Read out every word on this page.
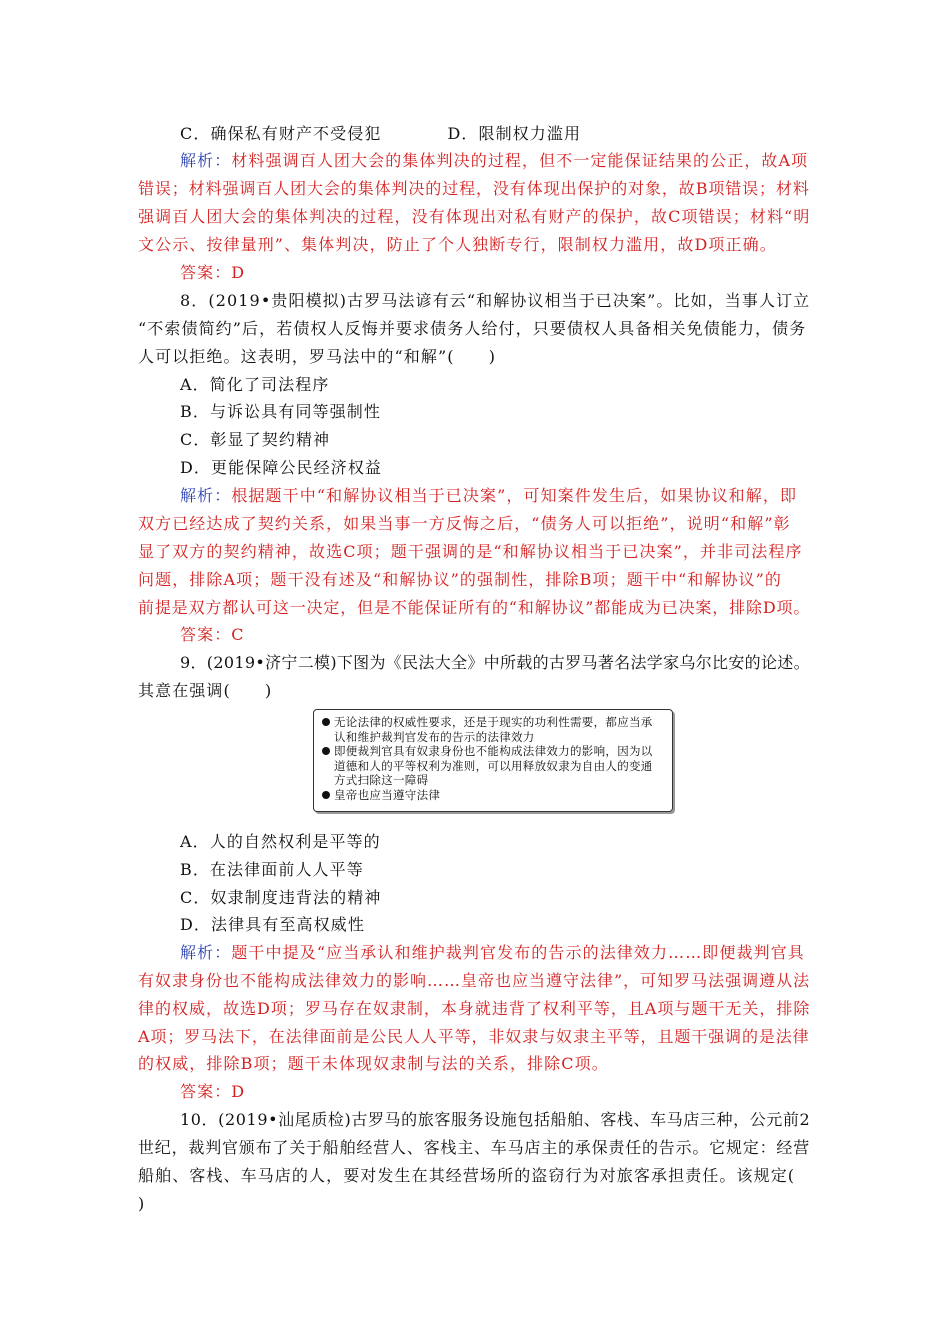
C．确保私有财产不受侵犯	D．限制权力滥用
解析：材料强调百人团大会的集体判决的过程，但不一定能保证结果的公正，故A项
错误；材料强调百人团大会的集体判决的过程，没有体现出保护的对象，故B项错误；材料
强调百人团大会的集体判决的过程，没有体现出对私有财产的保护，故C项错误；材料“明
文公示、按律量刑”、集体判决，防止了个人独断专行，限制权力滥用，故D项正确。
答案：D
8．(2019•贵阳模拟)古罗马法谚有云“和解协议相当于已决案”。比如，当事人订立
“不索债简约”后，若债权人反悔并要求债务人给付，只要债权人具备相关免债能力，债务
人可以拒绝。这表明，罗马法中的“和解”(　　)
A．简化了司法程序
B．与诉讼具有同等强制性
C．彰显了契约精神
D．更能保障公民经济权益
解析：根据题干中“和解协议相当于已决案”，可知案件发生后，如果协议和解，即
双方已经达成了契约关系，如果当事一方反悔之后，“债务人可以拒绝”，说明“和解”彰
显了双方的契约精神，故选C项；题干强调的是“和解协议相当于已决案”，并非司法程序
问题，排除A项；题干没有述及“和解协议”的强制性，排除B项；题干中“和解协议”的
前提是双方都认可这一决定，但是不能保证所有的“和解协议”都能成为已决案，排除D项。
答案：C
9．(2019•济宁二模)下图为《民法大全》中所载的古罗马著名法学家乌尔比安的论述。
其意在强调(　　)
无论法律的权威性要求，还是于现实的功利性需要，都应当承认和维护裁判官发布的告示的法律效力
即便裁判官具有奴隶身份也不能构成法律效力的影响，因为以道德和人的平等权利为准则，可以用释放奴隶为自由人的变通方式扫除这一障碍
皇帝也应当遵守法律
A．人的自然权利是平等的
B．在法律面前人人平等
C．奴隶制度违背法的精神
D．法律具有至高权威性
解析：题干中提及“应当承认和维护裁判官发布的告示的法律效力……即便裁判官具
有奴隶身份也不能构成法律效力的影响……皇帝也应当遵守法律”，可知罗马法强调遵从法
律的权威，故选D项；罗马存在奴隶制，本身就违背了权利平等，且A项与题干无关，排除
A项；罗马法下，在法律面前是公民人人平等，非奴隶与奴隶主平等，且题干强调的是法律
的权威，排除B项；题干未体现奴隶制与法的关系，排除C项。
答案：D
10．(2019•汕尾质检)古罗马的旅客服务设施包括船舶、客栈、车马店三种，公元前2
世纪，裁判官颁布了关于船舶经营人、客栈主、车马店主的承保责任的告示。它规定：经营
船舶、客栈、车马店的人，要对发生在其经营场所的盗窃行为对旅客承担责任。该规定(
)
